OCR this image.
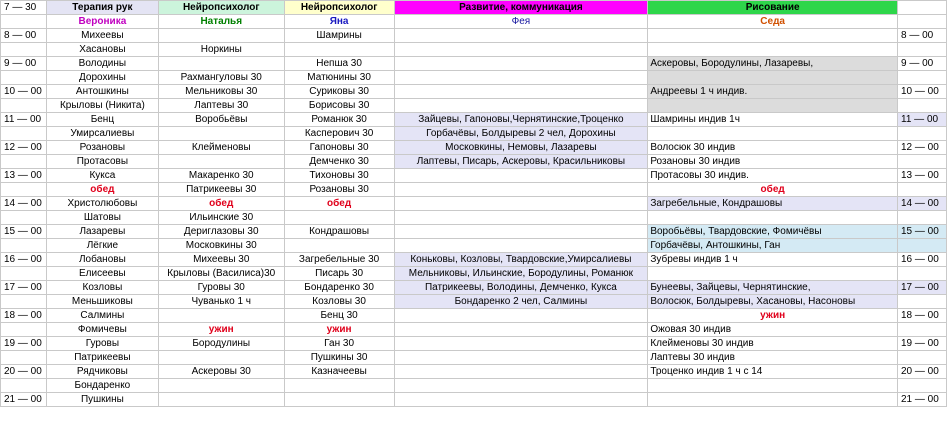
7 — 30	Терапия рук	Нейропсихолог	Нейропсихолог	Развитие, коммуникация	Рисование	
	Вероника	Наталья	Яна	Фея	Седа	
8 — 00	Михеевы		Шамрины			8 — 00
	Хасановы	Норкины				
9 — 00	Володины		Непша 30		Аскеровы, Бородулины, Лазаревы,	9 — 00
	Дорохины	Рахмангуловы 30	Матюнины 30			
10 — 00	Антошкины	Мельниковы 30	Суриковы 30		Андреевы 1 ч индив.	10 — 00
	Крыловы (Никита)	Лаптевы 30	Борисовы 30			
11 — 00	Бенц	Воробьёвы	Романюк 30	Зайцевы, Гапоновы,Чернятинские,Троценко	Шамрины индив 1ч	11 — 00
	Умирсалиевы		Касперович 30	Горбачёвы, Болдыревы 2 чел, Дорохины		
12 — 00	Розановы	Клейменовы	Гапоновы 30	Московкины, Немовы, Лазаревы	Волосюк 30 индив	12 — 00
	Протасовы		Демченко 30	Лаптевы, Писарь, Аскеровы, Красильниковы	Розановы 30 индив	
13 — 00	Кукса	Макаренко 30	Тихоновы 30		Протасовы 30 индив.	13 — 00
	обед	Патрикеевы 30	Розановы 30		обед	
14 — 00	Христолюбовы	обед	обед		Загребельные, Кондрашовы	14 — 00
	Шатовы	Ильинские 30				
15 — 00	Лазаревы	Дериглазовы 30	Кондрашовы		Воробьёвы, Твардовские, Фомичёвы	15 — 00
	Лёгкие	Московкины 30			Горбачёвы, Антошкины, Ган	
16 — 00	Лобановы	Михеевы 30	Загребельные 30	Коньковы, Козловы, Твардовские,Умирсалиевы	Зубревы индив 1 ч	16 — 00
	Елисеевы	Крыловы (Василиса)30	Писарь 30	Мельниковы, Ильинские, Бородулины, Романюк		
17 — 00	Козловы	Гуровы 30	Бондаренко 30	Патрикеевы, Володины, Демченко, Кукса	Бунеевы, Зайцевы, Чернятинские,	17 — 00
	Меньшиковы	Чуванько 1 ч	Козловы 30	Бондаренко 2 чел, Салмины	Волосюк, Болдыревы, Хасановы, Насоновы	
18 — 00	Салмины		Бенц 30		ужин	18 — 00
	Фомичевы	ужин	ужин		Ожовая 30 индив	
19 — 00	Гуровы	Бородулины	Ган 30		Клейменовы 30 индив	19 — 00
	Патрикеевы		Пушкины 30		Лаптевы 30 индив	
20 — 00	Рядчиковы	Аскеровы 30	Казначеевы		Троценко индив 1 ч с 14	20 — 00
	Бондаренко					
21 — 00	Пушкины					21 — 00
